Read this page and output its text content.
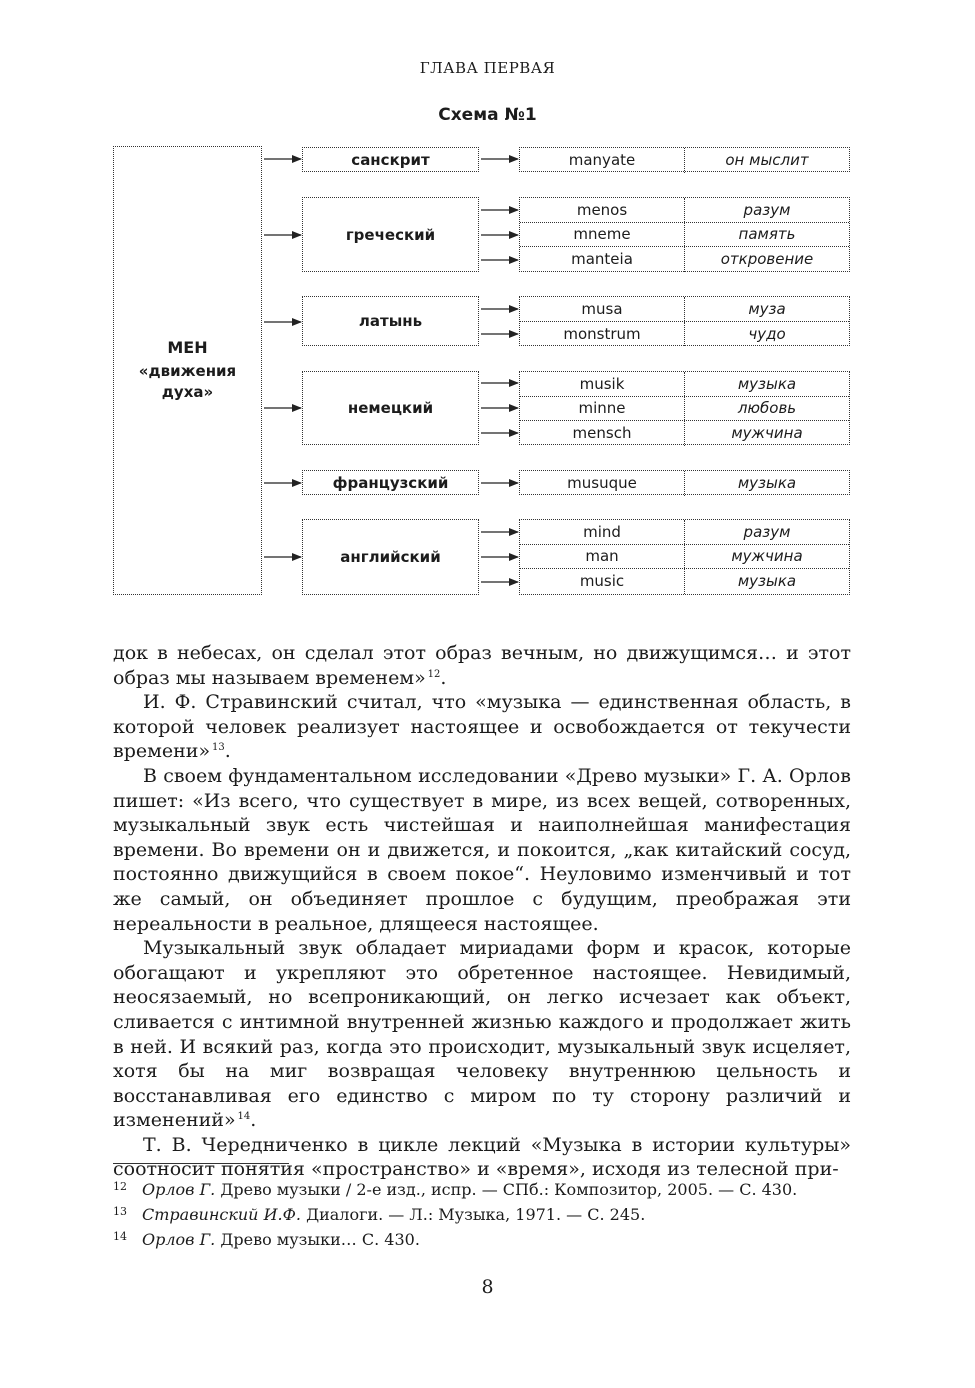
ГЛАВА ПЕРВАЯ
Схема №1
МЕН
«движения духа»
санскрит
греческий
латынь
немецкий
французский
английский
manyate	он мыслит
menos	разум
mneme	память
manteia	откровение
musa	муза
monstrum	чудо
musik	музыка
minne	любовь
mensch	мужчина
musuque	музыка
mind	разум
man	мужчина
music	музыка

док в небесах, он сделал этот образ вечным, но движущимся… и этот образ мы называем временем»  $^{12}$.

И. Ф. Стравинский считал, что «музыка — единственная область, в которой человек реализует настоящее и освобождается от текучести времени»  $^{13}$.

В своем фундаментальном исследовании «Древо музыки» Г. А. Орлов пишет: «Из всего, что существует в мире, из всех вещей, сотворенных, музыкальный звук есть чистейшая и наиполнейшая манифестация времени. Во времени он и движется, и покоится, „как китайский сосуд, постоянно движущийся в своем покое“. Неуловимо изменчивый и тот же самый, он объединяет прошлое с будущим, преображая эти нереальности в реальное, длящееся настоящее.

Музыкальный звук обладает мириадами форм и красок, которые обогащают и укрепляют это обретенное настоящее. Невидимый, неосязаемый, но всепроникающий, он легко исчезает как объект, сливается с интимной внутренней жизнью каждого и продолжает жить в ней. И всякий раз, когда это происходит, музыкальный звук исцеляет, хотя бы на миг возвращая человеку внутреннюю цельность и восстанавливая его единство с миром по ту сторону различий и изменений»  $^{14}$.

Т. В. Чередниченко в цикле лекций «Музыка в истории культуры» соотносит понятия «пространство» и «время», исходя из телесной при-

12 Орлов Г. Древо музыки / 2-е изд., испр. — СПб.: Композитор, 2005. — С. 430.
13 Стравинский И.Ф. Диалоги. — Л.: Музыка, 1971. — С. 245.
14 Орлов Г. Древо музыки… С. 430.
8
